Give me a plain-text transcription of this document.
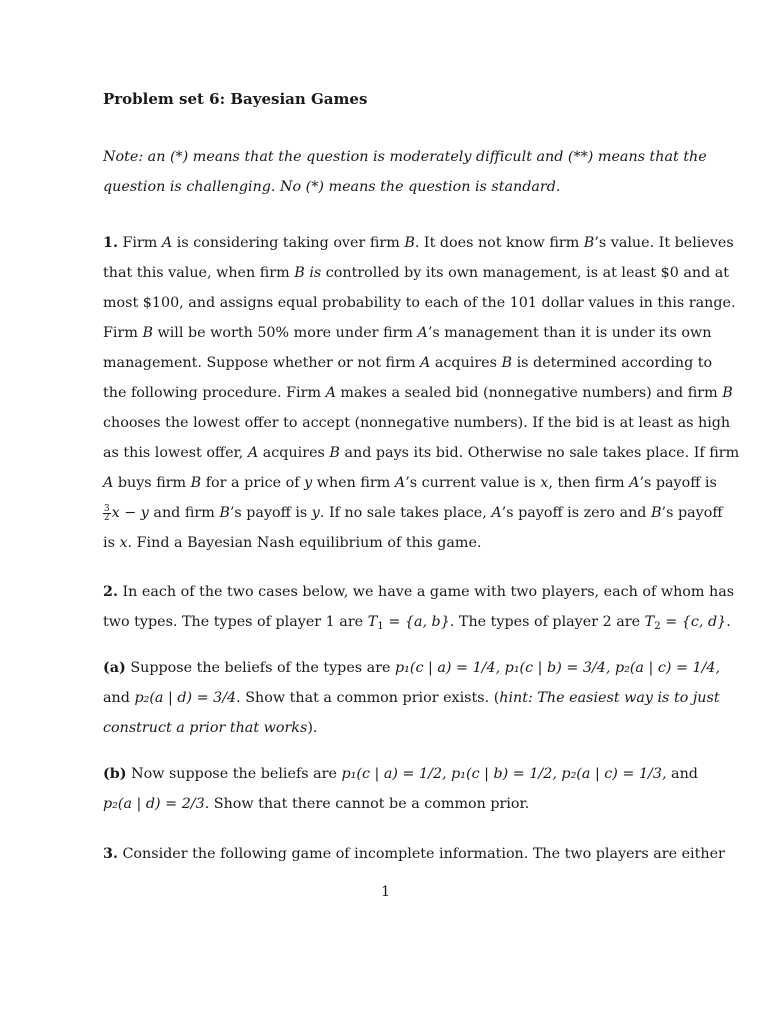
Problem set 6: Bayesian Games
Note: an (*) means that the question is moderately difficult and (**) means that the
question is challenging. No (*) means the question is standard.
1. Firm A is considering taking over firm B. It does not know firm B’s value. It believes
that this value, when firm B is controlled by its own management, is at least $0 and at
most $100, and assigns equal probability to each of the 101 dollar values in this range.
Firm B will be worth 50% more under firm A’s management than it is under its own
management. Suppose whether or not firm A acquires B is determined according to
the following procedure. Firm A makes a sealed bid (nonnegative numbers) and firm B
chooses the lowest offer to accept (nonnegative numbers). If the bid is at least as high
as this lowest offer, A acquires B and pays its bid. Otherwise no sale takes place. If firm
A buys firm B for a price of y when firm A’s current value is x, then firm A’s payoff is
$\frac{3}{2}$ x − y and firm B’s payoff is y. If no sale takes place, A’s payoff is zero and B’s payoff
is x. Find a Bayesian Nash equilibrium of this game.
2. In each of the two cases below, we have a game with two players, each of whom has
two types. The types of player 1 are $T_1 = \{a$, b}. The types of player 2 are $T_2 = \{c$, d}.
(a) Suppose the beliefs of the types are p₁(c | a) = 1/4, p₁(c | b) = 3/4, p₂(a | c) = 1/4,
and p₂(a | d) = 3/4. Show that a common prior exists. (hint: The easiest way is to just
construct a prior that works).
(b) Now suppose the beliefs are p₁(c | a) = 1/2, p₁(c | b) = 1/2, p₂(a | c) = 1/3, and
p₂(a | d) = 2/3. Show that there cannot be a common prior.
3. Consider the following game of incomplete information. The two players are either
1
